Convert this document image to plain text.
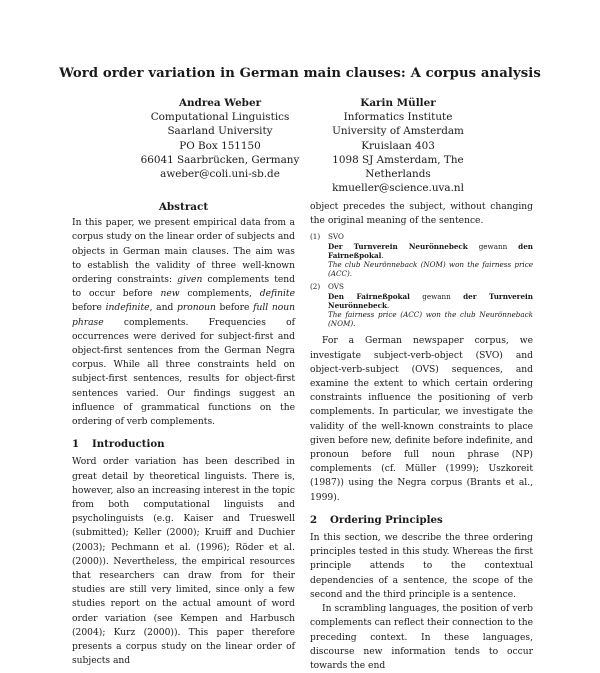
Word order variation in German main clauses: A corpus analysis
Andrea Weber
Computational Linguistics
Saarland University
PO Box 151150
66041 Saarbrücken, Germany
aweber@coli.uni-sb.de
Karin Müller
Informatics Institute
University of Amsterdam
Kruislaan 403
1098 SJ Amsterdam, The Netherlands
kmueller@science.uva.nl
Abstract

In this paper, we present empirical data from a corpus study on the linear order of subjects and objects in German main clauses. The aim was to establish the validity of three well-known ordering constraints: given complements tend to occur before new complements, definite before indefinite, and pronoun before full noun phrase complements. Frequencies of occurrences were derived for subject-first and object-first sentences from the German Negra corpus. While all three constraints held on subject-first sentences, results for object-first sentences varied. Our findings suggest an influence of grammatical functions on the ordering of verb complements.

1 Introduction

Word order variation has been described in great detail by theoretical linguists. There is, however, also an increasing interest in the topic from both computational linguists and psycholinguists (e.g. Kaiser and Trueswell (submitted); Keller (2000); Kruiff and Duchier (2003); Pechmann et al. (1996); Röder et al. (2000)). Nevertheless, the empirical resources that researchers can draw from for their studies are still very limited, since only a few studies report on the actual amount of word order variation (see Kempen and Harbusch (2004); Kurz (2000)). This paper therefore presents a corpus study on the linear order of subjects and

object precedes the subject, without changing the original meaning of the sentence.

(1)	SVO
Der Turnverein Neurönnebeck gewann den Fairneßpokal.
The club Neurönneback (NOM) won the fairness price (ACC).
(2)	OVS
Den Fairneßpokal gewann der Turnverein Neurönnebeck.
The fairness price (ACC) won the club Neurönneback (NOM).

For a German newspaper corpus, we investigate subject-verb-object (SVO) and object-verb-subject (OVS) sequences, and examine the extent to which certain ordering constraints influence the positioning of verb complements. In particular, we investigate the validity of the well-known constraints to place given before new, definite before indefinite, and pronoun before full noun phrase (NP) complements (cf. Müller (1999); Uszkoreit (1987)) using the Negra corpus (Brants et al., 1999).

2 Ordering Principles

In this section, we describe the three ordering principles tested in this study. Whereas the first principle attends to the contextual dependencies of a sentence, the scope of the second and the third principle is a sentence.

In scrambling languages, the position of verb complements can reflect their connection to the preceding context. In these languages, discourse new information tends to occur towards the end
